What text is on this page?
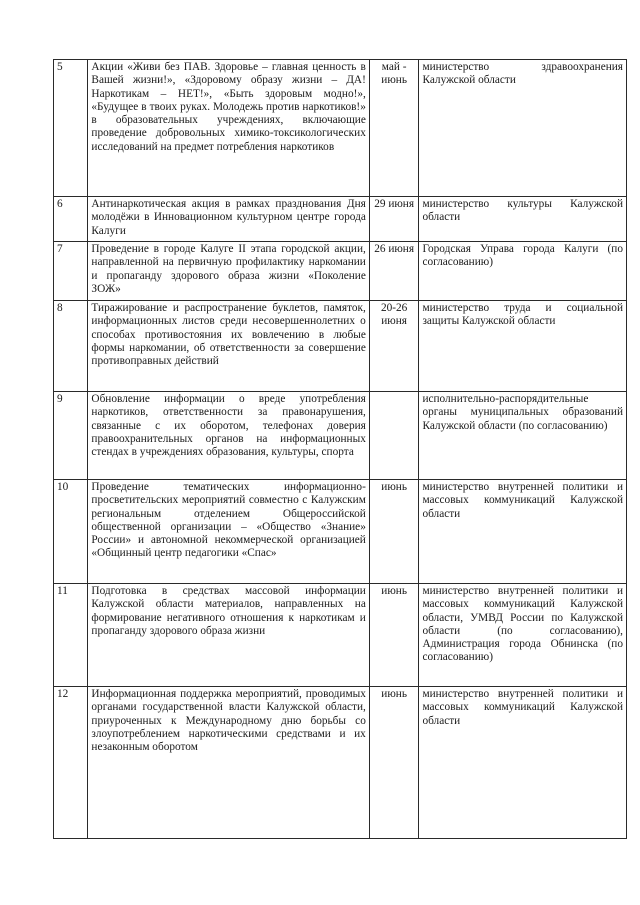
5	Акции «Живи без ПАВ. Здоровье – главная ценность в Вашей жизни!», «Здоровому образу жизни – ДА! Наркотикам – НЕТ!», «Быть здоровым модно!», «Будущее в твоих руках. Молодежь против наркотиков!» в образовательных учреждениях, включающие проведение добровольных химико-токсикологических исследований на предмет потребления наркотиков	май - июнь	министерство здравоохранения Калужской области
6	Антинаркотическая акция в рамках празднования Дня молодёжи в Инновационном культурном центре города Калуги	29 июня	министерство культуры Калужской области
7	Проведение в городе Калуге II этапа городской акции, направленной на первичную профилактику наркомании и пропаганду здорового образа жизни «Поколение ЗОЖ»	26 июня	Городская Управа города Калуги (по согласованию)
8	Тиражирование и распространение буклетов, памяток, информационных листов среди несовершеннолетних о способах противостояния их вовлечению в любые формы наркомании, об ответственности за совершение противоправных действий	20-26 июня	министерство труда и социальной защиты Калужской области
9	Обновление информации о вреде употребления наркотиков, ответственности за правонарушения, связанные с их оборотом, телефонах доверия правоохранительных органов на информационных стендах в учреждениях образования, культуры, спорта		исполнительно-распорядительные органы муниципальных образований Калужской области (по согласованию)
10	Проведение тематических информационно-просветительских мероприятий совместно с Калужским региональным отделением Общероссийской общественной организации – «Общество «Знание» России» и автономной некоммерческой организацией «Общинный центр педагогики «Спас»	июнь	министерство внутренней политики и массовых коммуникаций Калужской области
11	Подготовка в средствах массовой информации Калужской области материалов, направленных на формирование негативного отношения к наркотикам и пропаганду здорового образа жизни	июнь	министерство внутренней политики и массовых коммуникаций Калужской области, УМВД России по Калужской области (по согласованию), Администрация города Обнинска (по согласованию)
12	Информационная поддержка мероприятий, проводимых органами государственной власти Калужской области, приуроченных к Международному дню борьбы со злоупотреблением наркотическими средствами и их незаконным оборотом	июнь	министерство внутренней политики и массовых коммуникаций Калужской области
